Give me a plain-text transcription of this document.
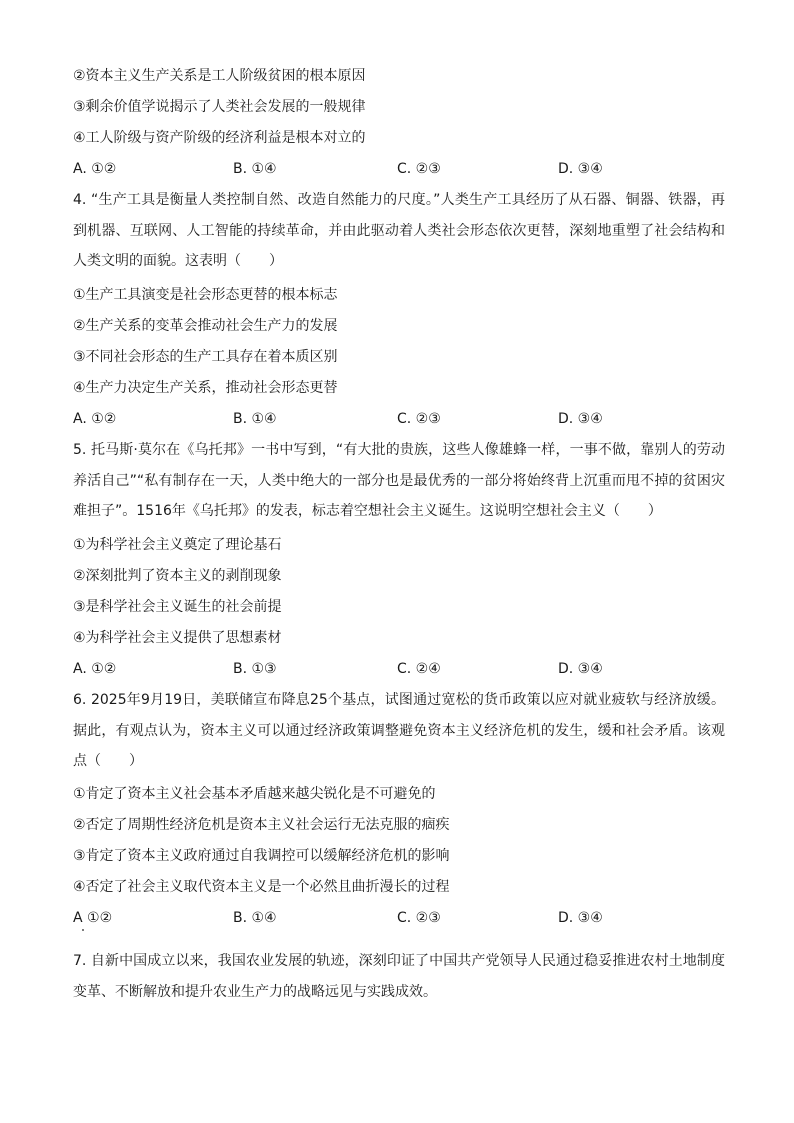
②资本主义生产关系是工人阶级贫困的根本原因
③剩余价值学说揭示了人类社会发展的一般规律
④工人阶级与资产阶级的经济利益是根本对立的
A. ①②	B. ①④	C. ②③	D. ③④
4. “生产工具是衡量人类控制自然、改造自然能力的尺度。”人类生产工具经历了从石器、铜器、铁器，再到机器、互联网、人工智能的持续革命，并由此驱动着人类社会形态依次更替，深刻地重塑了社会结构和人类文明的面貌。这表明（　　）
①生产工具演变是社会形态更替的根本标志
②生产关系的变革会推动社会生产力的发展
③不同社会形态的生产工具存在着本质区别
④生产力决定生产关系，推动社会形态更替
A. ①②	B. ①④	C. ②③	D. ③④
5. 托马斯·莫尔在《乌托邦》一书中写到，“有大批的贵族，这些人像雄蜂一样，一事不做，靠别人的劳动养活自己”“私有制存在一天，人类中绝大的一部分也是最优秀的一部分将始终背上沉重而甩不掉的贫困灾难担子”。1516年《乌托邦》的发表，标志着空想社会主义诞生。这说明空想社会主义（　　）
①为科学社会主义奠定了理论基石
②深刻批判了资本主义的剥削现象
③是科学社会主义诞生的社会前提
④为科学社会主义提供了思想素材
A. ①②	B. ①③	C. ②④	D. ③④
6. 2025年9月19日，美联储宣布降息25个基点，试图通过宽松的货币政策以应对就业疲软与经济放缓。据此，有观点认为，资本主义可以通过经济政策调整避免资本主义经济危机的发生，缓和社会矛盾。该观点（　　）
①肯定了资本主义社会基本矛盾越来越尖锐化是不可避免的
②否定了周期性经济危机是资本主义社会运行无法克服的痼疾
③肯定了资本主义政府通过自我调控可以缓解经济危机的影响
④否定了社会主义取代资本主义是一个必然且曲折漫长的过程
A ①②	B. ①④	C. ②③	D. ③④
7. 自新中国成立以来，我国农业发展的轨迹，深刻印证了中国共产党领导人民通过稳妥推进农村土地制度变革、不断解放和提升农业生产力的战略远见与实践成效。
